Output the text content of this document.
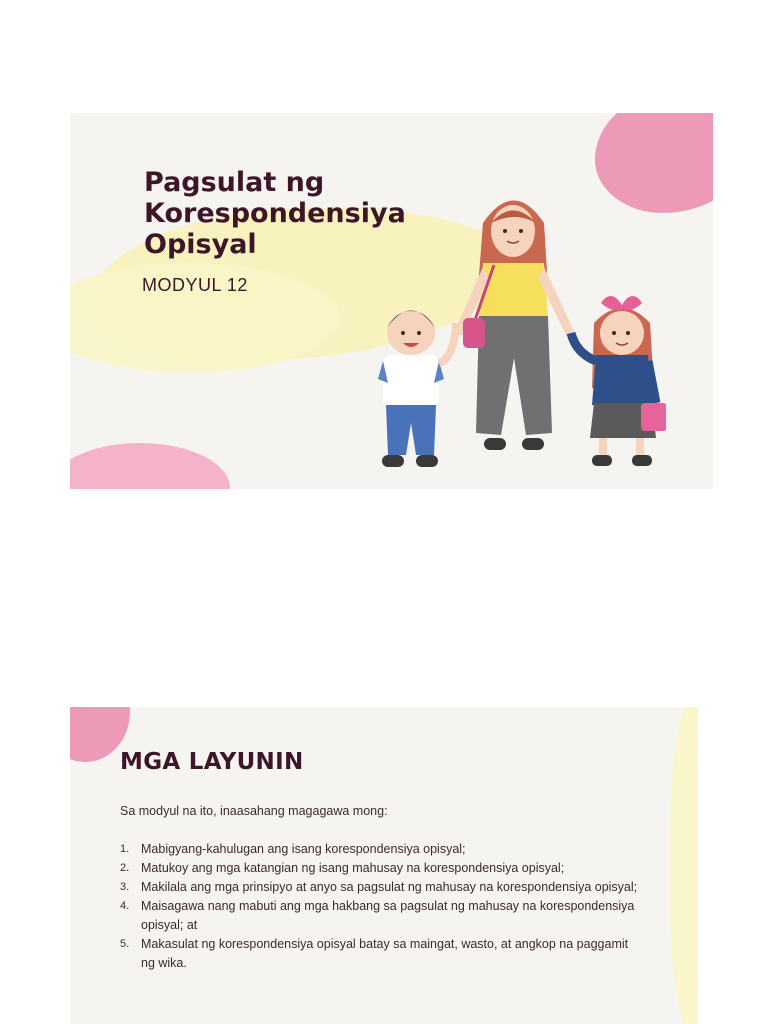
Pagsulat ng
Korespondensiya
Opisyal
MODYUL 12
MGA LAYUNIN
Sa modyul na ito, inaasahang magagawa mong:
1. Mabigyang-kahulugan ang isang korespondensiya opisyal;
2. Matukoy ang mga katangian ng isang mahusay na korespondensiya opisyal;
3. Makilala ang mga prinsipyo at anyo sa pagsulat ng mahusay na korespondensiya opisyal;
4. Maisagawa nang mabuti ang mga hakbang sa pagsulat ng mahusay na korespondensiya opisyal; at
5. Makasulat ng korespondensiya opisyal batay sa maingat, wasto, at angkop na paggamit ng wika.
